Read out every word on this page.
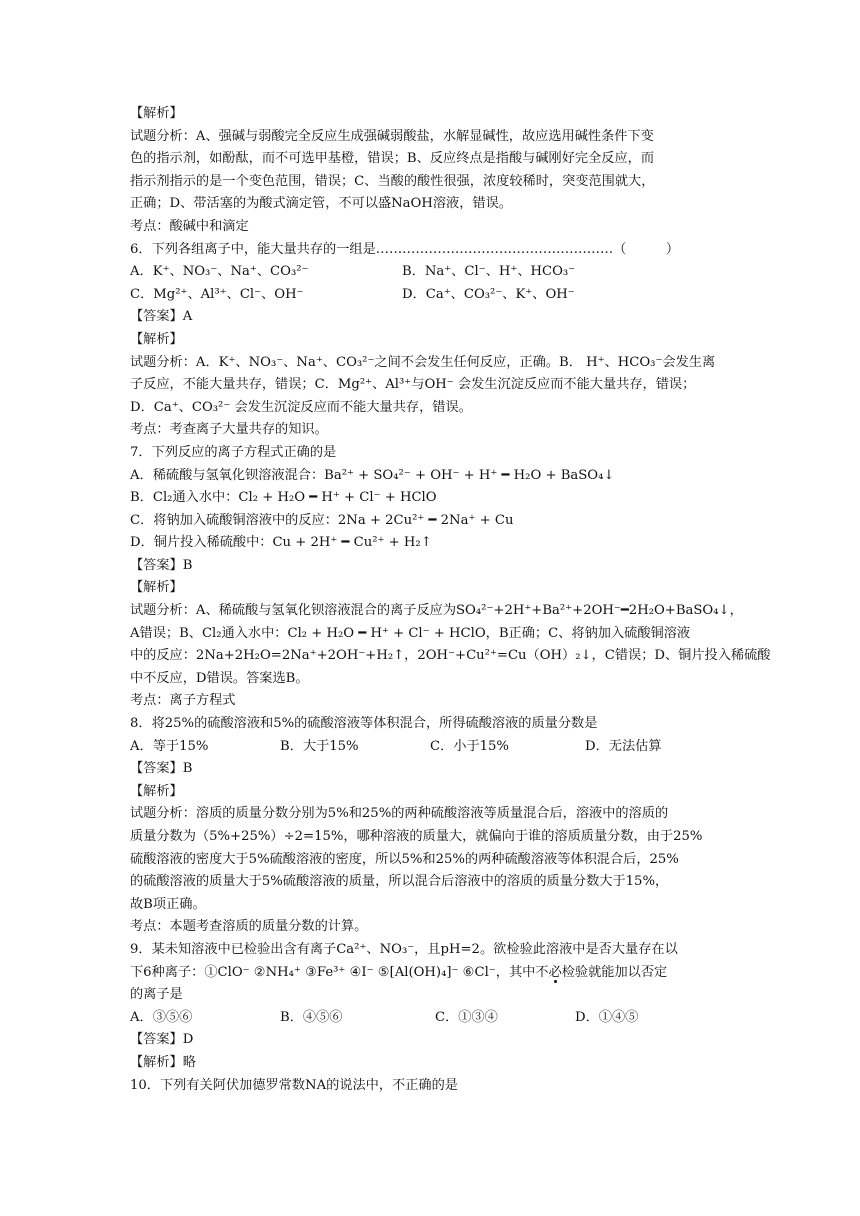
【解析】
试题分析：A、强碱与弱酸完全反应生成强碱弱酸盐，水解显碱性，故应选用碱性条件下变
色的指示剂，如酚酞，而不可选甲基橙，错误；B、反应终点是指酸与碱刚好完全反应，而
指示剂指示的是一个变色范围，错误；C、当酸的酸性很强，浓度较稀时，突变范围就大，
正确；D、带活塞的为酸式滴定管，不可以盛NaOH溶液，错误。
考点：酸碱中和滴定
6．下列各组离子中，能大量共存的一组是………………………………………………（　　　）
A．K⁺、NO₃⁻、Na⁺、CO₃²⁻	B．Na⁺、Cl⁻、H⁺、HCO₃⁻
C．Mg²⁺、Al³⁺、Cl⁻、OH⁻	D．Ca⁺、CO₃²⁻、K⁺、OH⁻
【答案】A
【解析】
试题分析：A．K⁺、NO₃⁻、Na⁺、CO₃²⁻之间不会发生任何反应，正确。B． H⁺、HCO₃⁻会发生离
子反应，不能大量共存，错误；C．Mg²⁺、Al³⁺与OH⁻ 会发生沉淀反应而不能大量共存，错误；
D．Ca⁺、CO₃²⁻ 会发生沉淀反应而不能大量共存，错误。
考点：考查离子大量共存的知识。
7．下列反应的离子方程式正确的是
A．稀硫酸与氢氧化钡溶液混合：Ba²⁺ + SO₄²⁻ + OH⁻ + H⁺ ━ H₂O + BaSO₄↓
B．Cl₂通入水中：Cl₂ + H₂O ━ H⁺ + Cl⁻ + HClO
C．将钠加入硫酸铜溶液中的反应：2Na + 2Cu²⁺ ━ 2Na⁺ + Cu
D．铜片投入稀硫酸中：Cu + 2H⁺ ━ Cu²⁺ + H₂↑
【答案】B
【解析】
试题分析：A、稀硫酸与氢氧化钡溶液混合的离子反应为SO₄²⁻+2H⁺+Ba²⁺+2OH⁻━2H₂O+BaSO₄↓，
A错误；B、Cl₂通入水中：Cl₂ + H₂O ━ H⁺ + Cl⁻ + HClO，B正确；C、将钠加入硫酸铜溶液
中的反应：2Na+2H₂O=2Na⁺+2OH⁻+H₂↑，2OH⁻+Cu²⁺=Cu（OH）₂↓，C错误；D、铜片投入稀硫酸
中不反应，D错误。答案选B。
考点：离子方程式
8．将25%的硫酸溶液和5%的硫酸溶液等体积混合，所得硫酸溶液的质量分数是
A．等于15%	B．大于15%	C．小于15%	D．无法估算
【答案】B
【解析】
试题分析：溶质的质量分数分别为5%和25%的两种硫酸溶液等质量混合后，溶液中的溶质的
质量分数为（5%+25%）÷2=15%，哪种溶液的质量大，就偏向于谁的溶质质量分数，由于25%
硫酸溶液的密度大于5%硫酸溶液的密度，所以5%和25%的两种硫酸溶液等体积混合后，25%
的硫酸溶液的质量大于5%硫酸溶液的质量，所以混合后溶液中的溶质的质量分数大于15%，
故B项正确。
考点：本题考查溶质的质量分数的计算。
9．某未知溶液中已检验出含有离子Ca²⁺、NO₃⁻，且pH=2。欲检验此溶液中是否大量存在以
下6种离子：①ClO⁻ ②NH₄⁺ ③Fe³⁺ ④I⁻ ⑤[Al(OH)₄]⁻ ⑥Cl⁻，其中不必检验就能加以否定
的离子是
A．③⑤⑥	B．④⑤⑥	C．①③④	D．①④⑤
【答案】D
【解析】略
10．下列有关阿伏加德罗常数NA的说法中，不正确的是
